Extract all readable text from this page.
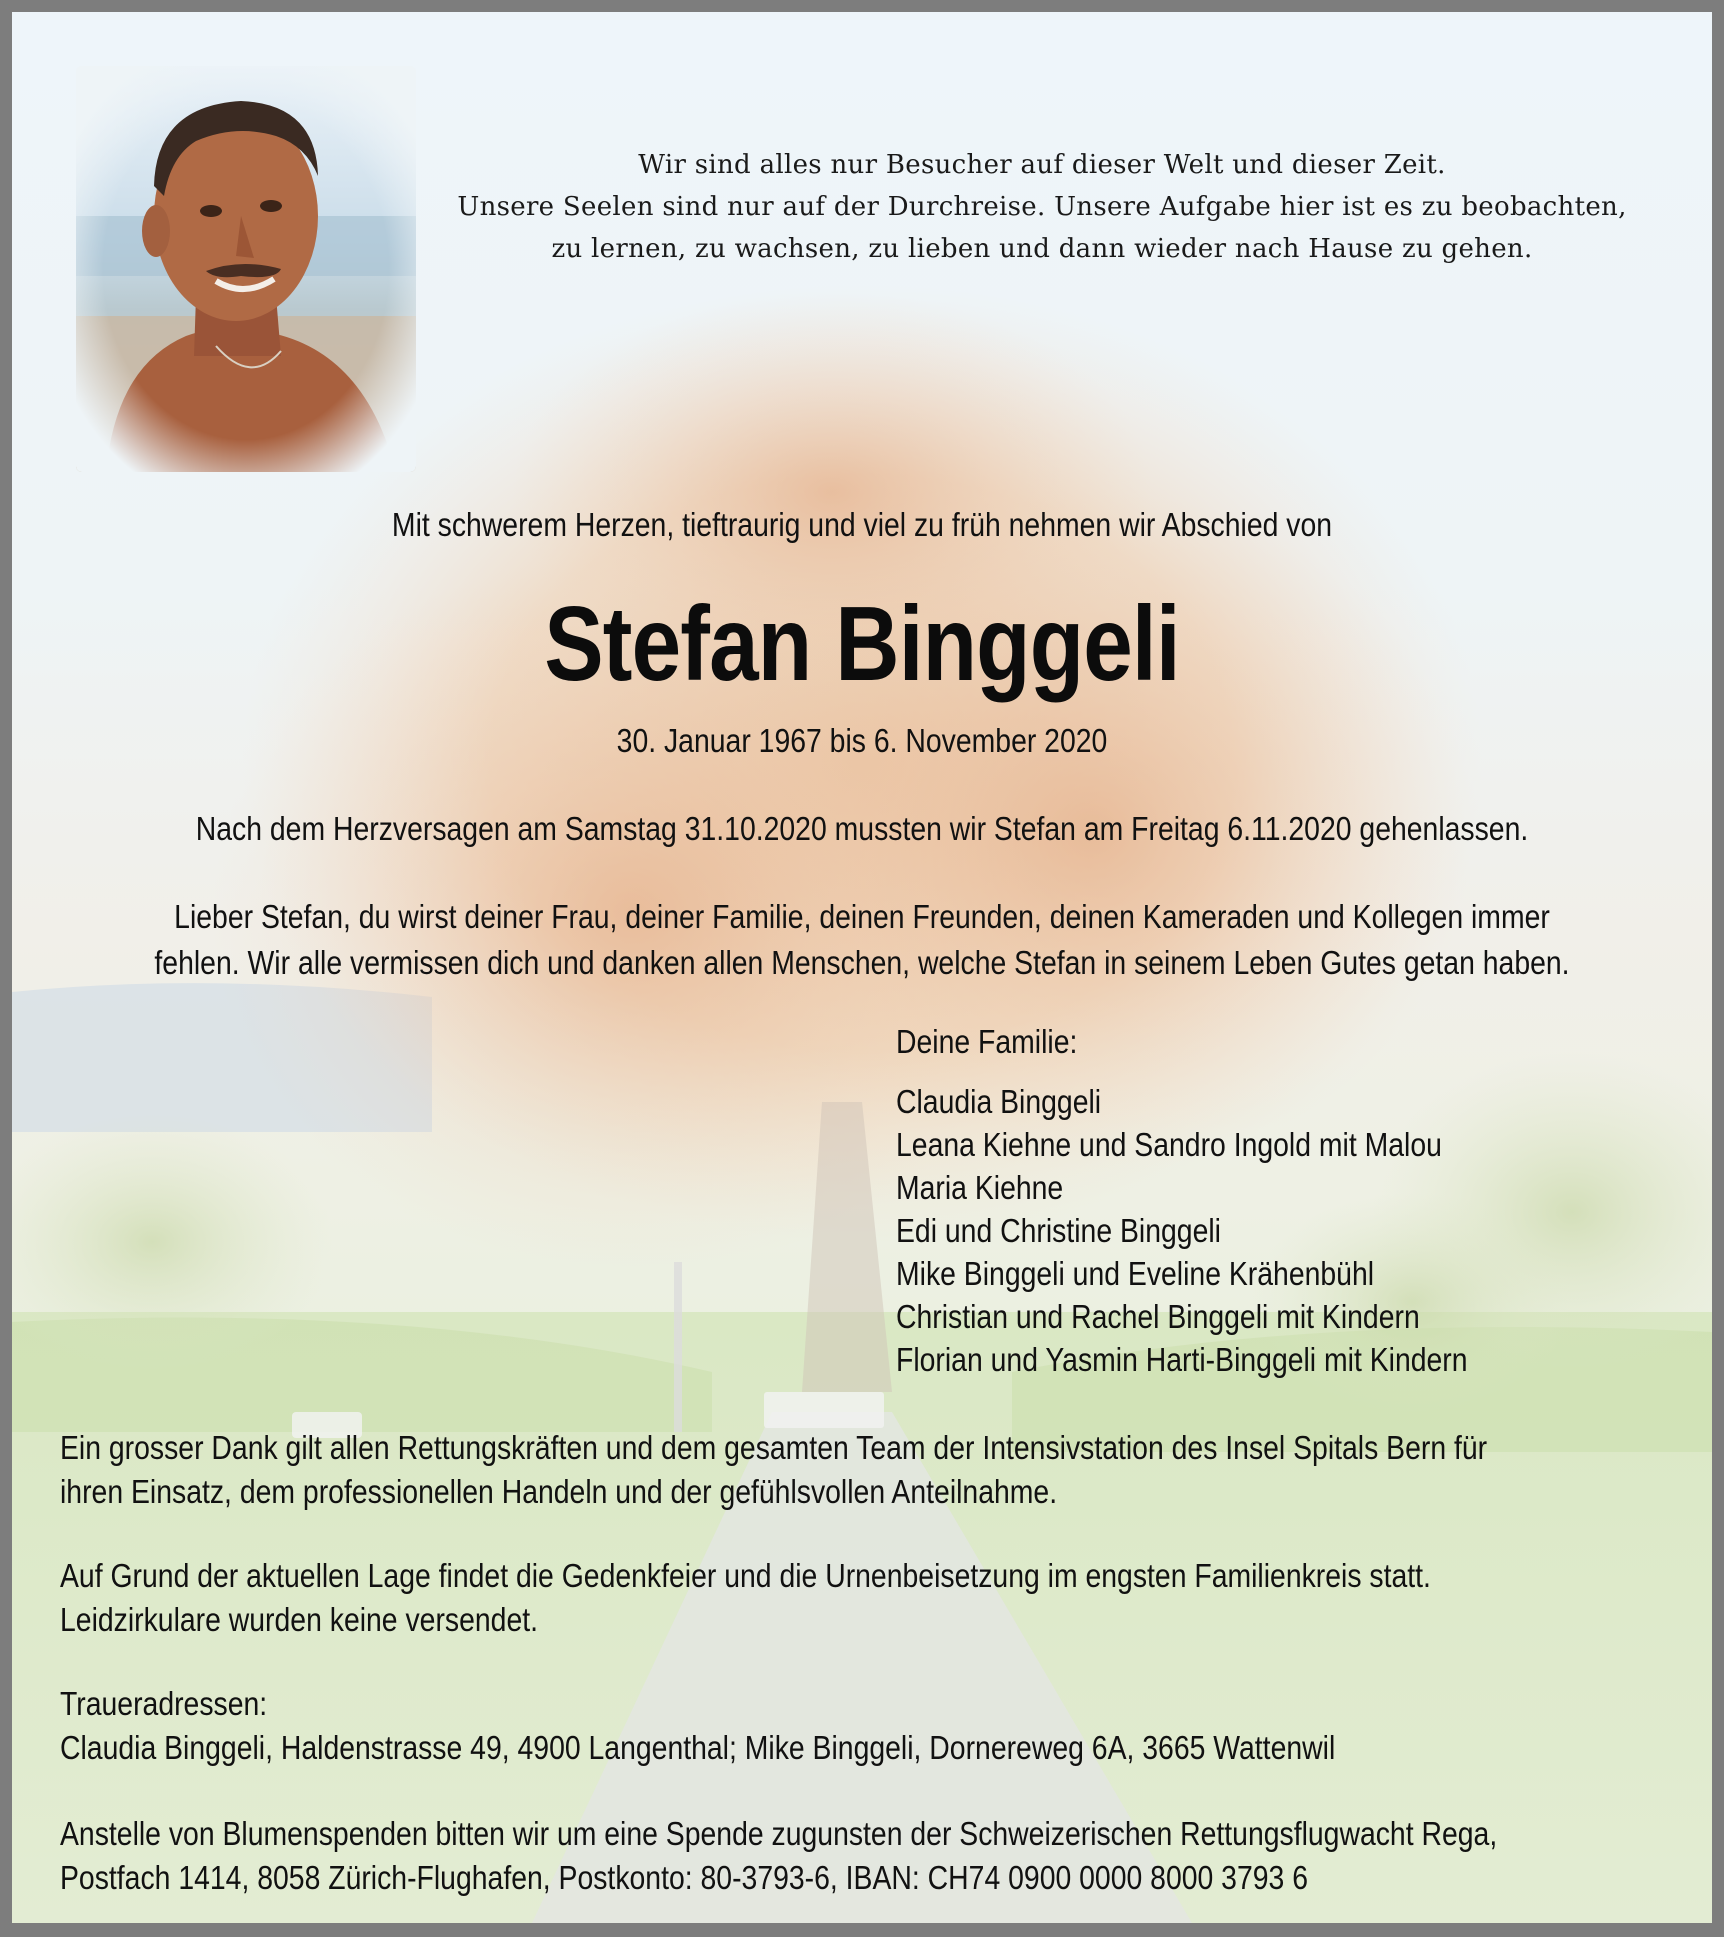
Wir sind alles nur Besucher auf dieser Welt und dieser Zeit.
Unsere Seelen sind nur auf der Durchreise. Unsere Aufgabe hier ist es zu beobachten,
zu lernen, zu wachsen, zu lieben und dann wieder nach Hause zu gehen.
Mit schwerem Herzen, tieftraurig und viel zu früh nehmen wir Abschied von
Stefan Binggeli
30. Januar 1967 bis 6. November 2020
Nach dem Herzversagen am Samstag 31.10.2020 mussten wir Stefan am Freitag 6.11.2020 gehenlassen.
Lieber Stefan, du wirst deiner Frau, deiner Familie, deinen Freunden, deinen Kameraden und Kollegen immer
fehlen. Wir alle vermissen dich und danken allen Menschen, welche Stefan in seinem Leben Gutes getan haben.
Deine Familie:
Claudia Binggeli
Leana Kiehne und Sandro Ingold mit Malou
Maria Kiehne
Edi und Christine Binggeli
Mike Binggeli und Eveline Krähenbühl
Christian und Rachel Binggeli mit Kindern
Florian und Yasmin Harti-Binggeli mit Kindern
Ein grosser Dank gilt allen Rettungskräften und dem gesamten Team der Intensivstation des Insel Spitals Bern für
ihren Einsatz, dem professionellen Handeln und der gefühlsvollen Anteilnahme.
Auf Grund der aktuellen Lage findet die Gedenkfeier und die Urnenbeisetzung im engsten Familienkreis statt.
Leidzirkulare wurden keine versendet.
Traueradressen:
Claudia Binggeli, Haldenstrasse 49, 4900 Langenthal; Mike Binggeli, Dornereweg 6A, 3665 Wattenwil
Anstelle von Blumenspenden bitten wir um eine Spende zugunsten der Schweizerischen Rettungsflugwacht Rega,
Postfach 1414, 8058 Zürich-Flughafen, Postkonto: 80-3793-6, IBAN: CH74 0900 0000 8000 3793 6
